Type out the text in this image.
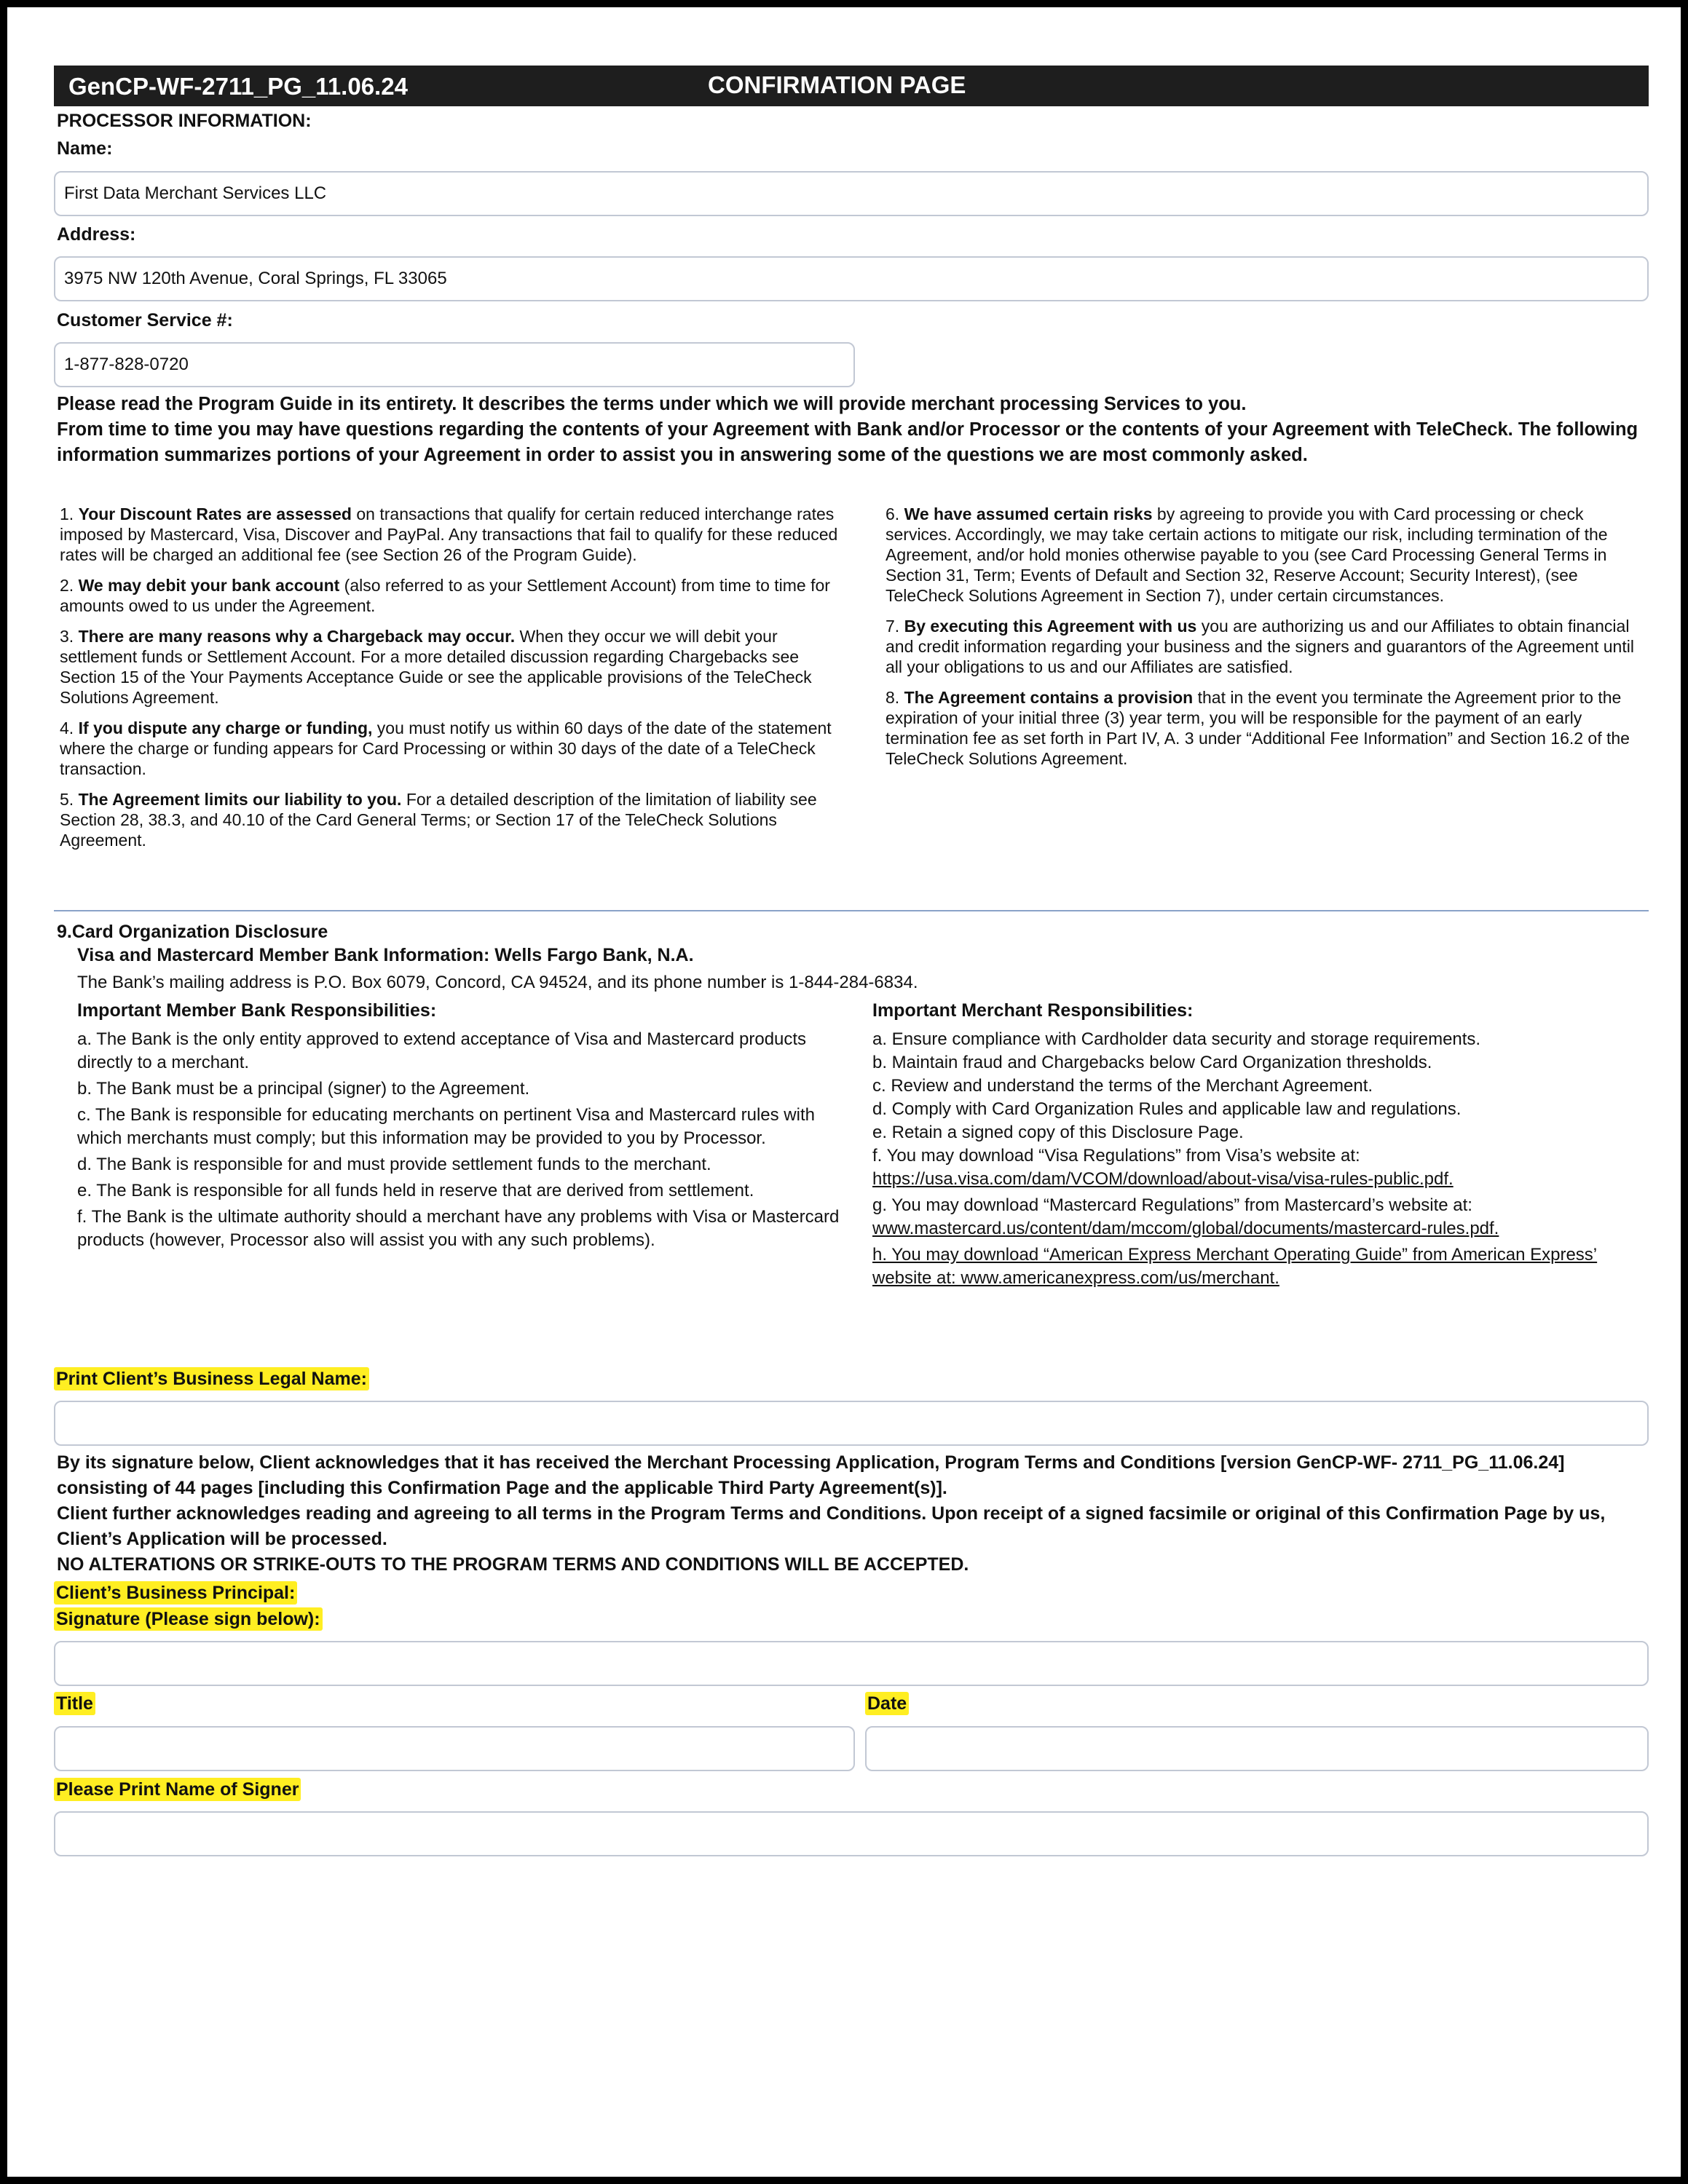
GenCP-WF-2711_PG_11.06.24	CONFIRMATION PAGE
PROCESSOR INFORMATION:
Name:
First Data Merchant Services LLC
Address:
3975 NW 120th Avenue, Coral Springs, FL 33065
Customer Service #:
1-877-828-0720
Please read the Program Guide in its entirety. It describes the terms under which we will provide merchant processing Services to you.
From time to time you may have questions regarding the contents of your Agreement with Bank and/or Processor or the contents of your Agreement with TeleCheck. The following information summarizes portions of your Agreement in order to assist you in answering some of the questions we are most commonly asked.

1. Your Discount Rates are assessed on transactions that qualify for certain reduced interchange rates imposed by Mastercard, Visa, Discover and PayPal. Any transactions that fail to qualify for these reduced rates will be charged an additional fee (see Section 26 of the Program Guide).

2. We may debit your bank account (also referred to as your Settlement Account) from time to time for amounts owed to us under the Agreement.

3. There are many reasons why a Chargeback may occur. When they occur we will debit your settlement funds or Settlement Account. For a more detailed discussion regarding Chargebacks see Section 15 of the Your Payments Acceptance Guide or see the applicable provisions of the TeleCheck Solutions Agreement.

4. If you dispute any charge or funding, you must notify us within 60 days of the date of the statement where the charge or funding appears for Card Processing or within 30 days of the date of a TeleCheck transaction.

5. The Agreement limits our liability to you. For a detailed description of the limitation of liability see Section 28, 38.3, and 40.10 of the Card General Terms; or Section 17 of the TeleCheck Solutions Agreement.

6. We have assumed certain risks by agreeing to provide you with Card processing or check services. Accordingly, we may take certain actions to mitigate our risk, including termination of the Agreement, and/or hold monies otherwise payable to you (see Card Processing General Terms in Section 31, Term; Events of Default and Section 32, Reserve Account; Security Interest), (see TeleCheck Solutions Agreement in Section 7), under certain circumstances.

7. By executing this Agreement with us you are authorizing us and our Affiliates to obtain financial and credit information regarding your business and the signers and guarantors of the Agreement until all your obligations to us and our Affiliates are satisfied.

8. The Agreement contains a provision that in the event you terminate the Agreement prior to the expiration of your initial three (3) year term, you will be responsible for the payment of an early termination fee as set forth in Part IV, A. 3 under “Additional Fee Information” and Section 16.2 of the TeleCheck Solutions Agreement.

9.Card Organization Disclosure
Visa and Mastercard Member Bank Information: Wells Fargo Bank, N.A.
The Bank’s mailing address is P.O. Box 6079, Concord, CA 94524, and its phone number is 1-844-284-6834.
Important Member Bank Responsibilities:

a. The Bank is the only entity approved to extend acceptance of Visa and Mastercard products directly to a merchant.

b. The Bank must be a principal (signer) to the Agreement.

c. The Bank is responsible for educating merchants on pertinent Visa and Mastercard rules with which merchants must comply; but this information may be provided to you by Processor.

d. The Bank is responsible for and must provide settlement funds to the merchant.

e. The Bank is responsible for all funds held in reserve that are derived from settlement.

f. The Bank is the ultimate authority should a merchant have any problems with Visa or Mastercard products (however, Processor also will assist you with any such problems).

Important Merchant Responsibilities:

a. Ensure compliance with Cardholder data security and storage requirements.

b. Maintain fraud and Chargebacks below Card Organization thresholds.

c. Review and understand the terms of the Merchant Agreement.

d. Comply with Card Organization Rules and applicable law and regulations.

e. Retain a signed copy of this Disclosure Page.

f. You may download “Visa Regulations” from Visa’s website at: https://usa.visa.com/dam/VCOM/download/about-visa/visa-rules-public.pdf.

g. You may download “Mastercard Regulations” from Mastercard’s website at: www.mastercard.us/content/dam/mccom/global/documents/mastercard-rules.pdf.

h. You may download “American Express Merchant Operating Guide” from American Express’ website at: www.americanexpress.com/us/merchant.

Print Client’s Business Legal Name:
By its signature below, Client acknowledges that it has received the Merchant Processing Application, Program Terms and Conditions [version GenCP-WF- 2711_PG_11.06.24] consisting of 44 pages [including this Confirmation Page and the applicable Third Party Agreement(s)].
Client further acknowledges reading and agreeing to all terms in the Program Terms and Conditions. Upon receipt of a signed facsimile or original of this Confirmation Page by us, Client’s Application will be processed.
NO ALTERATIONS OR STRIKE-OUTS TO THE PROGRAM TERMS AND CONDITIONS WILL BE ACCEPTED.
Client’s Business Principal:
Signature (Please sign below):
Title	Date
Please Print Name of Signer
